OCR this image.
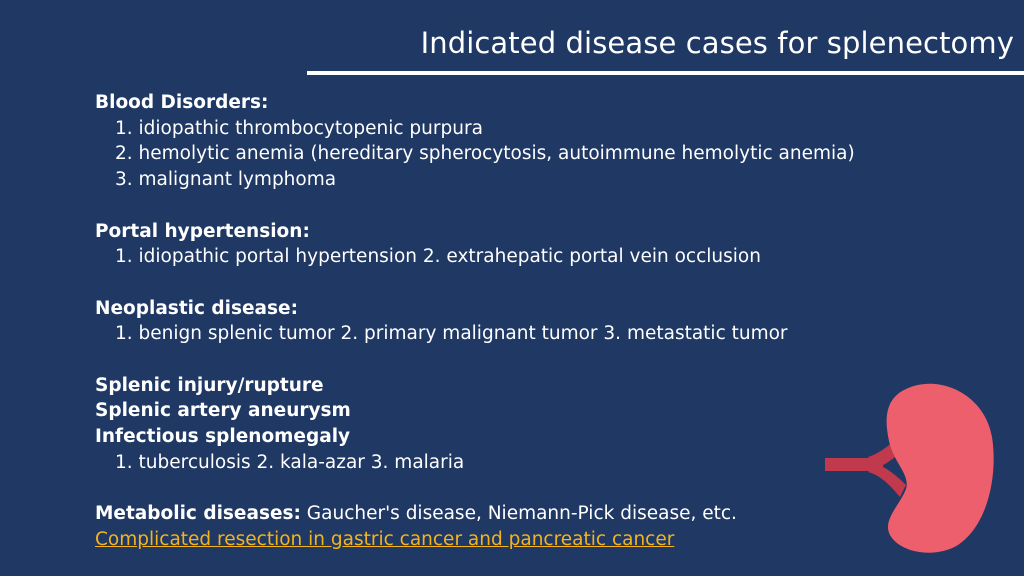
Indicated disease cases for splenectomy
Blood Disorders:
1. idiopathic thrombocytopenic purpura
2. hemolytic anemia (hereditary spherocytosis, autoimmune hemolytic anemia)
3. malignant lymphoma
Portal hypertension:
1. idiopathic portal hypertension 2. extrahepatic portal vein occlusion
Neoplastic disease:
1. benign splenic tumor 2. primary malignant tumor 3. metastatic tumor
Splenic injury/rupture
Splenic artery aneurysm
Infectious splenomegaly
1. tuberculosis 2. kala-azar 3. malaria
Metabolic diseases: Gaucher's disease, Niemann-Pick disease, etc.
Complicated resection in gastric cancer and pancreatic cancer
